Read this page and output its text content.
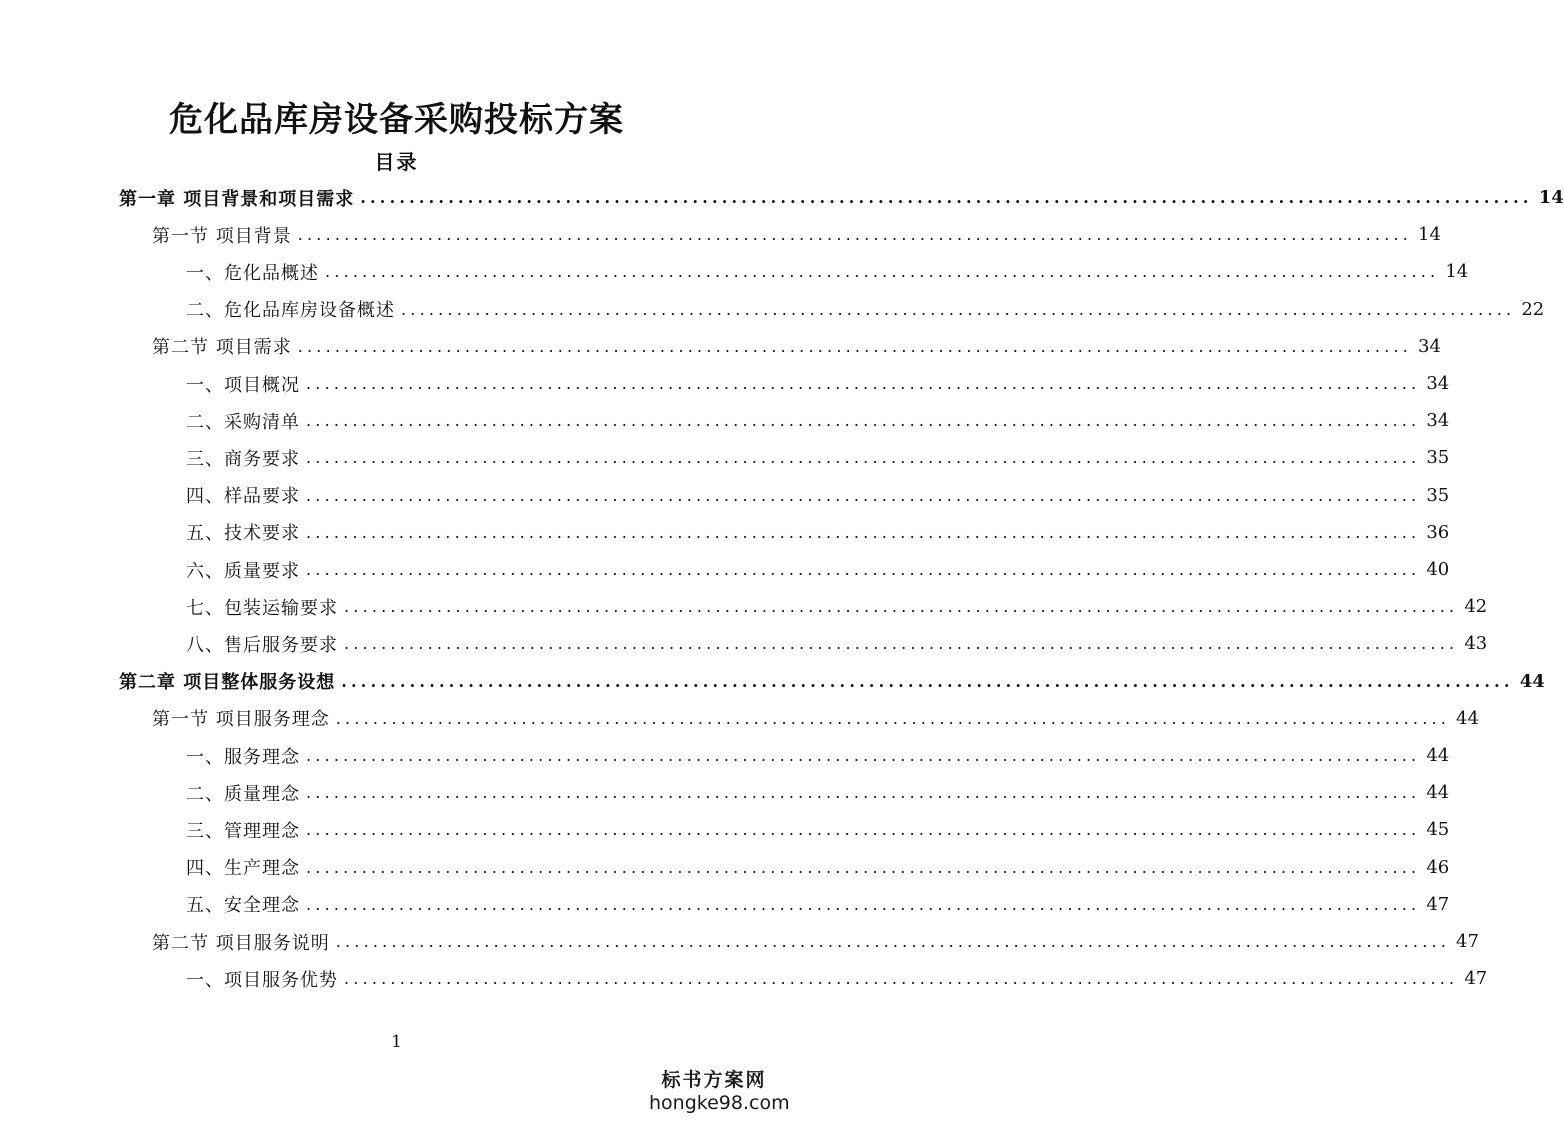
危化品库房设备采购投标方案
目录
第一章 项目背景和项目需求 ........................................................................................................................ 14
第一节 项目背景 ........................................................................................................................ 14
一、危化品概述 ........................................................................................................................ 14
二、危化品库房设备概述 ........................................................................................................................ 22
第二节 项目需求 ........................................................................................................................ 34
一、项目概况 ........................................................................................................................ 34
二、采购清单 ........................................................................................................................ 34
三、商务要求 ........................................................................................................................ 35
四、样品要求 ........................................................................................................................ 35
五、技术要求 ........................................................................................................................ 36
六、质量要求 ........................................................................................................................ 40
七、包装运输要求 ........................................................................................................................ 42
八、售后服务要求 ........................................................................................................................ 43
第二章 项目整体服务设想 ........................................................................................................................ 44
第一节 项目服务理念 ........................................................................................................................ 44
一、服务理念 ........................................................................................................................ 44
二、质量理念 ........................................................................................................................ 44
三、管理理念 ........................................................................................................................ 45
四、生产理念 ........................................................................................................................ 46
五、安全理念 ........................................................................................................................ 47
第二节 项目服务说明 ........................................................................................................................ 47
一、项目服务优势 ........................................................................................................................ 47
1
标书方案网
hongke98.com
